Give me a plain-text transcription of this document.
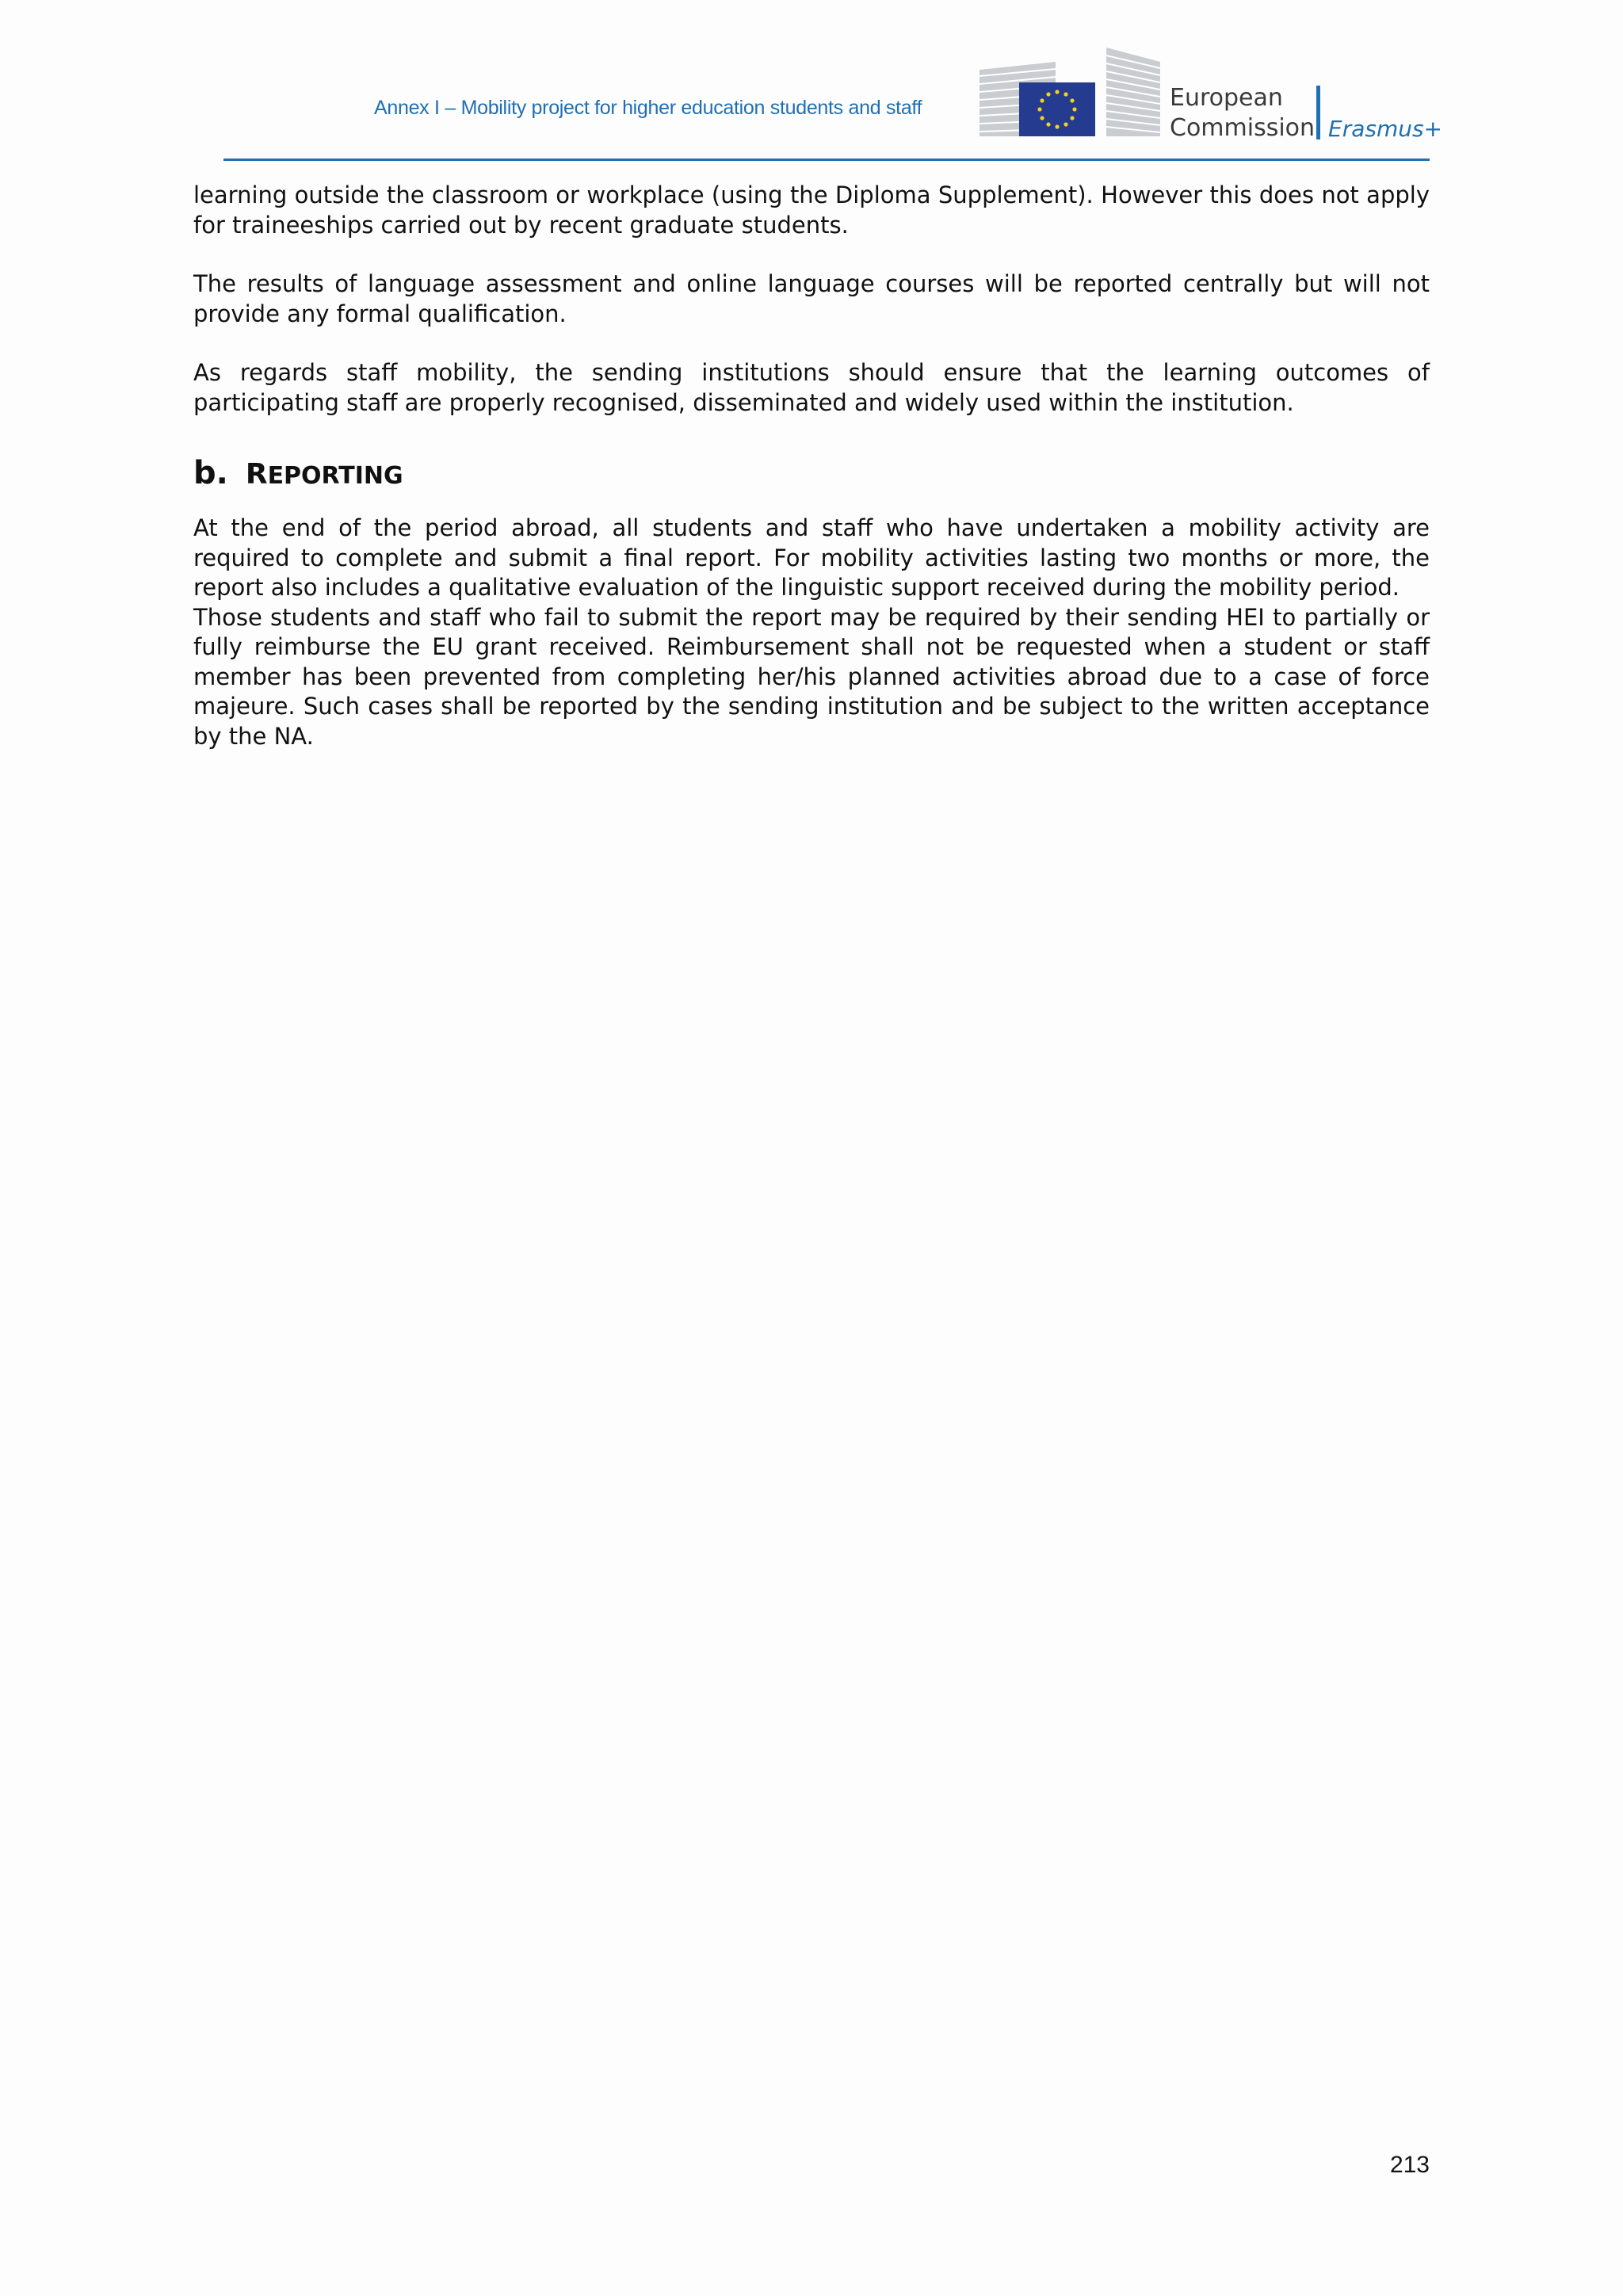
Annex I – Mobility project for higher education students and staff	European
Commission Erasmus+

learning outside the classroom or workplace (using the Diploma Supplement). However this does not apply for traineeships carried out by recent graduate students.

The results of language assessment and online language courses will be reported centrally but will not provide any formal qualification.

As regards staff mobility, the sending institutions should ensure that the learning outcomes of participating staff are properly recognised, disseminated and widely used within the institution.

b. REPORTING

At the end of the period abroad, all students and staff who have undertaken a mobility activity are required to complete and submit a final report. For mobility activities lasting two months or more, the report also includes a qualitative evaluation of the linguistic support received during the mobility period.

Those students and staff who fail to submit the report may be required by their sending HEI to partially or fully reimburse the EU grant received. Reimbursement shall not be requested when a student or staff member has been prevented from completing her/his planned activities abroad due to a case of force majeure. Such cases shall be reported by the sending institution and be subject to the written acceptance by the NA.

213
